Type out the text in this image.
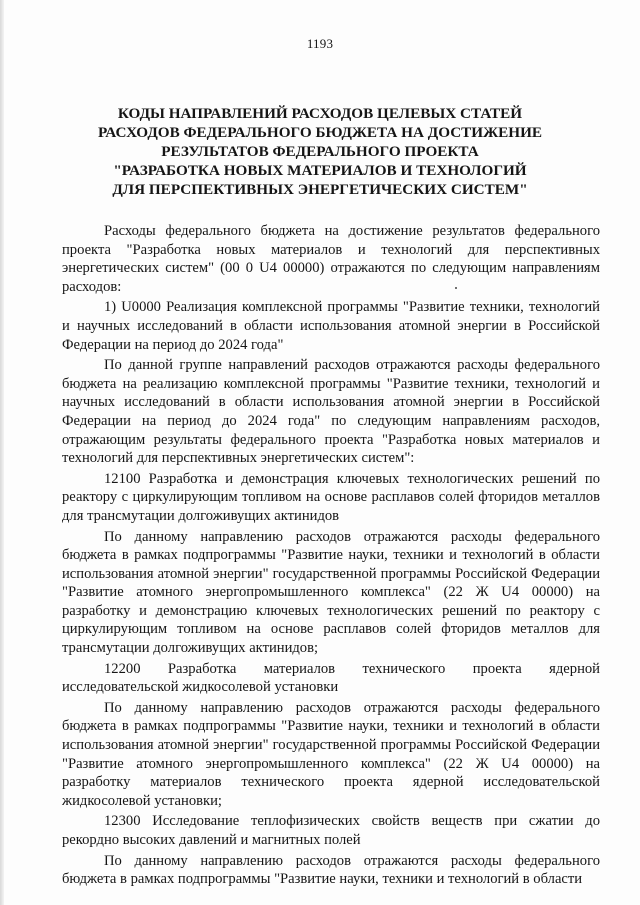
1193
КОДЫ НАПРАВЛЕНИЙ РАСХОДОВ ЦЕЛЕВЫХ СТАТЕЙ
РАСХОДОВ ФЕДЕРАЛЬНОГО БЮДЖЕТА НА ДОСТИЖЕНИЕ
РЕЗУЛЬТАТОВ ФЕДЕРАЛЬНОГО ПРОЕКТА
"РАЗРАБОТКА НОВЫХ МАТЕРИАЛОВ И ТЕХНОЛОГИЙ
ДЛЯ ПЕРСПЕКТИВНЫХ ЭНЕРГЕТИЧЕСКИХ СИСТЕМ"

Расходы федерального бюджета на достижение результатов федерального проекта "Разработка новых материалов и технологий для перспективных энергетических систем" (00 0 U4 00000) отражаются по следующим направлениям расходов:

1) U0000 Реализация комплексной программы "Развитие техники, технологий и научных исследований в области использования атомной энергии в Российской Федерации на период до 2024 года"

По данной группе направлений расходов отражаются расходы федерального бюджета на реализацию комплексной программы "Развитие техники, технологий и научных исследований в области использования атомной энергии в Российской Федерации на период до 2024 года" по следующим направлениям расходов, отражающим результаты федерального проекта "Разработка новых материалов и технологий для перспективных энергетических систем":

12100 Разработка и демонстрация ключевых технологических решений по реактору с циркулирующим топливом на основе расплавов солей фторидов металлов для трансмутации долгоживущих актинидов

По данному направлению расходов отражаются расходы федерального бюджета в рамках подпрограммы "Развитие науки, техники и технологий в области использования атомной энергии" государственной программы Российской Федерации "Развитие атомного энергопромышленного комплекса" (22 Ж U4 00000) на разработку и демонстрацию ключевых технологических решений по реактору с циркулирующим топливом на основе расплавов солей фторидов металлов для трансмутации долгоживущих актинидов;

12200 Разработка материалов технического проекта ядерной исследовательской жидкосолевой установки

По данному направлению расходов отражаются расходы федерального бюджета в рамках подпрограммы "Развитие науки, техники и технологий в области использования атомной энергии" государственной программы Российской Федерации "Развитие атомного энергопромышленного комплекса" (22 Ж U4 00000) на разработку материалов технического проекта ядерной исследовательской жидкосолевой установки;

12300 Исследование теплофизических свойств веществ при сжатии до рекордно высоких давлений и магнитных полей

По данному направлению расходов отражаются расходы федерального бюджета в рамках подпрограммы "Развитие науки, техники и технологий в области
